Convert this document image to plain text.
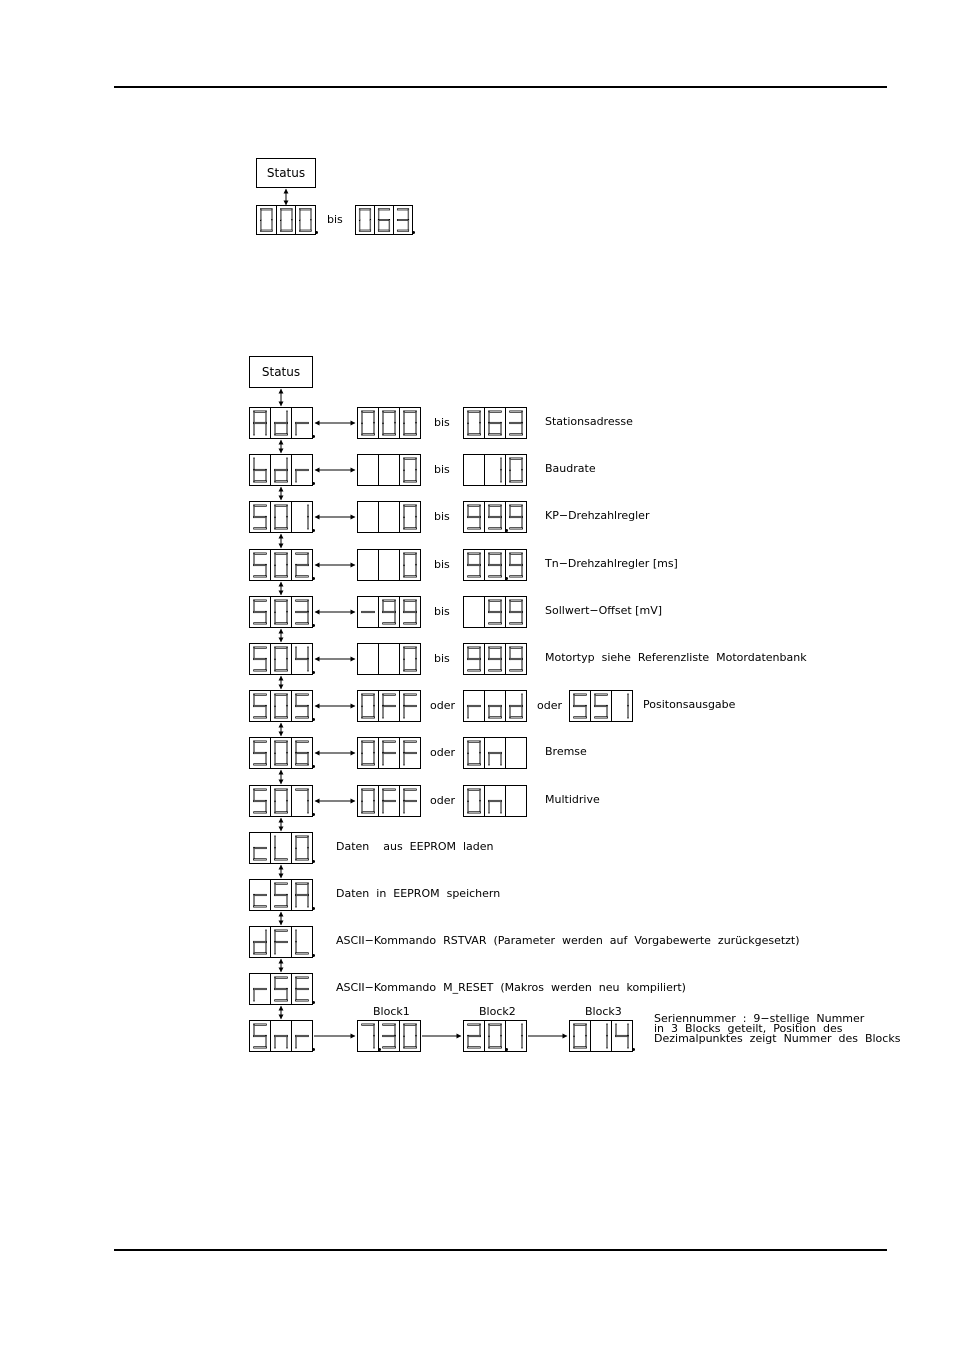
Status
bis
Status
bis	Stationsadresse
bis	Baudrate
bis	KP−Drehzahlregler
bis	Tn−Drehzahlregler [ms]
bis	Sollwert−Offset [mV]
bis	Motortyp  siehe  Referenzliste  Motordatenbank
oder	oder	Positonsausgabe
oder	Bremse
oder	Multidrive
Daten    aus  EEPROM  laden
Daten  in  EEPROM  speichern
ASCII−Kommando  RSTVAR  (Parameter  werden  auf  Vorgabewerte  zurückgesetzt)
ASCII−Kommando  M_RESET  (Makros  werden  neu  kompiliert)
Block1	Block2	Block3
Seriennummer  :  9−stellige  Nummer
in  3  Blocks  geteilt,  Position  des
Dezimalpunktes  zeigt  Nummer  des  Blocks
